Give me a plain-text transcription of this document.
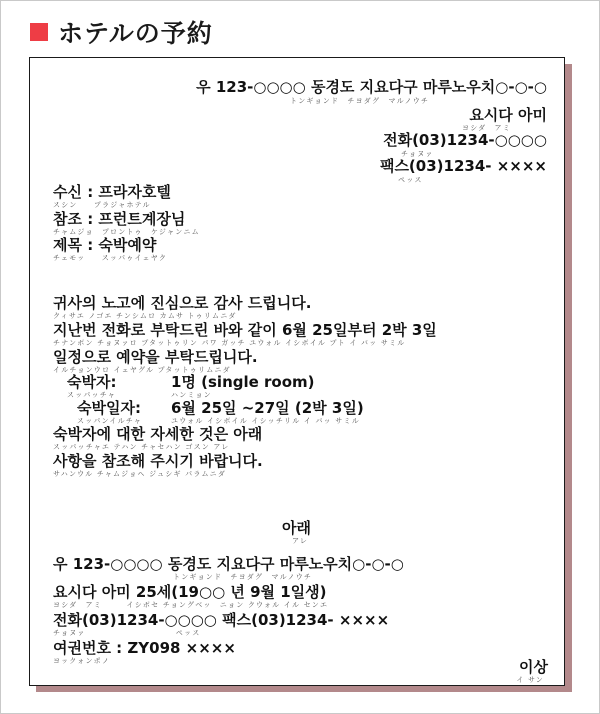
ホテルの予約
우 123-○○○○ 동경도 지요다구 마루노우치○-○-○
トンギョンド　チヨダグ　マルノウチ
요시다 아미
ヨシダ　アミ
전화(03)1234-○○○○
チョヌァ
팩스(03)1234- ××××
ペッス
수신 : 프라자호텔
スシン　　プラジャホテル
참조 : 프런트계장님
チャムジョ　プロントゥ　ケジャンニム
제목 : 숙박예약
チェモッ　　スッパゥイェヤク
귀사의 노고에 진심으로 감사 드립니다.
クィサエ ノゴエ チンシムロ カムサ トゥリムニダ
지난번 전화로 부탁드린 바와 같이 6월 25일부터 2박 3일
チナンボン チョヌァロ プタットゥリン パワ ガッチ ユウォル イシボイル プト イ バッ サミル
일정으로 예약을 부탁드립니다.
イルチョンウロ イェヤグル プタットゥリムニダ
숙박자:
スッパッチャ
1명 (single room)
ハンミョン
숙박일자:
スッパンイルチャ
6월 25일 ~27일 (2박 3일)
ユウォル イシボイル イシッチリル イ バッ サミル
숙박자에 대한 자세한 것은 아래
スッパッチャエ テハン チャセハン ゴスン アレ
사항을 참조해 주시기 바랍니다.
サハンウル チャムジョヘ ジュシギ パラムニダ
아래
アレ
우 123-○○○○ 동경도 지요다구 마루노우치○-○-○
トンギョンド　チヨダグ　マルノウチ
요시다 아미 25세(19○○ 년 9월 1일생)
ヨシダ　アミ　　　イシボセ チョングベッ　ニョン クウォル イル センエ
전화(03)1234-○○○○ 팩스(03)1234- ××××
チョヌァ　　　　　　　　　　　ペッス
여권번호 : ZY098 ××××
ヨックォンポノ	이상
イ サン
